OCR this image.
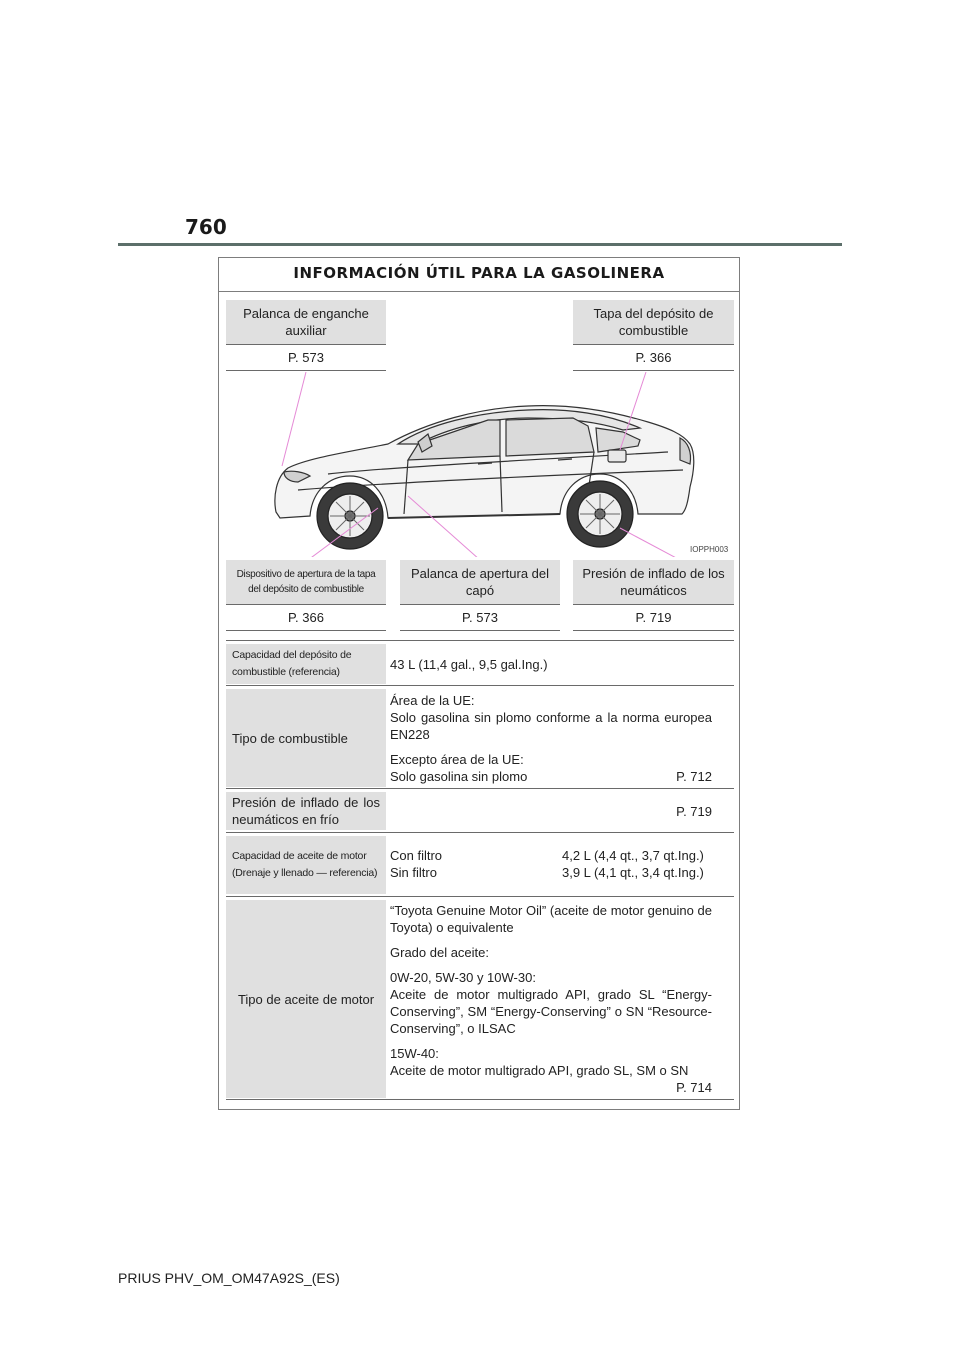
760
INFORMACIÓN ÚTIL PARA LA GASOLINERA
Palanca de enganche auxiliar
P. 573
Tapa del depósito de combustible
P. 366
IOPPH003
Dispositivo de apertura de la tapa del depósito de combustible
P. 366
Palanca de apertura del capó
P. 573
Presión de inflado de los neumáticos
P. 719
Capacidad del depósito de combustible (referencia)	43 L (11,4 gal., 9,5 gal.Ing.)
Tipo de combustible

Área de la UE:
Solo gasolina sin plomo conforme a la norma europea EN228

Excepto área de la UE:

Solo gasolina sin plomo	P. 712
Presión de inflado de los neumáticos en frío
P. 719
Capacidad de aceite de motor (Drenaje y llenado — referencia)
Con filtro	4,2 L (4,4 qt., 3,7 qt.Ing.)
Sin filtro	3,9 L (4,1 qt., 3,4 qt.Ing.)
Tipo de aceite de motor

“Toyota Genuine Motor Oil” (aceite de motor genuino de Toyota) o equivalente

Grado del aceite:

0W-20, 5W-30 y 10W-30:
Aceite de motor multigrado API, grado SL “Energy-Conserving”, SM “Energy-Conserving” o SN “Resource-Conserving”, o ILSAC

15W-40:
Aceite de motor multigrado API, grado SL, SM o SN

P. 714
PRIUS PHV_OM_OM47A92S_(ES)
